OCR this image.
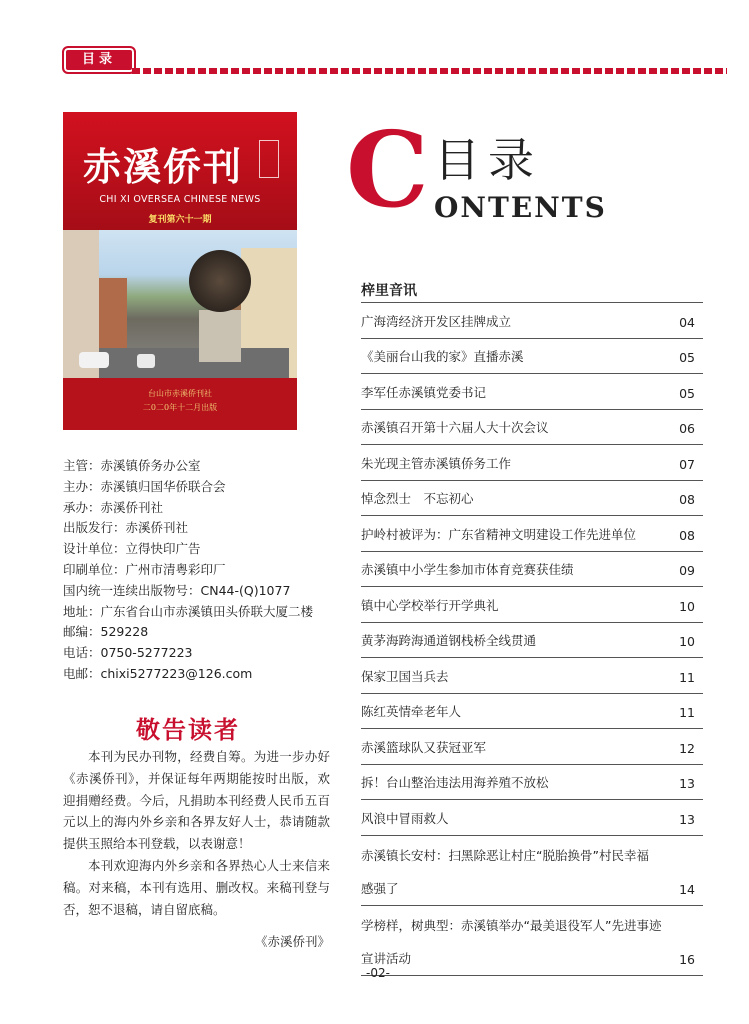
目录
赤溪侨刊
CHI XI OVERSEA CHINESE NEWS
复刊第六十一期
台山市赤溪侨刊社
二0二0年十二月出版
主管：赤溪镇侨务办公室
主办：赤溪镇归国华侨联合会
承办：赤溪侨刊社
出版发行：赤溪侨刊社
设计单位：立得快印广告
印刷单位：广州市清粤彩印厂
国内统一连续出版物号：CN44-(Q)1077
地址：广东省台山市赤溪镇田头侨联大厦二楼
邮编：529228
电话：0750-5277223
电邮：chixi5277223@126.com
敬告读者

本刊为民办刊物，经费自筹。为进一步办好《赤溪侨刊》，并保证每年两期能按时出版，欢迎捐赠经费。今后，凡捐助本刊经费人民币五百元以上的海内外乡亲和各界友好人士，恭请随款提供玉照给本刊登载，以表谢意！

本刊欢迎海内外乡亲和各界热心人士来信来稿。对来稿，本刊有选用、删改权。来稿刊登与否，恕不退稿，请自留底稿。

《赤溪侨刊》
C 目录
ONTENTS
梓里音讯
广海湾经济开发区挂牌成立	04
《美丽台山我的家》直播赤溪	05
李军任赤溪镇党委书记	05
赤溪镇召开第十六届人大十次会议	06
朱光现主管赤溪镇侨务工作	07
悼念烈士　不忘初心	08
护岭村被评为：广东省精神文明建设工作先进单位	08
赤溪镇中小学生参加市体育竞赛获佳绩	09
镇中心学校举行开学典礼	10
黄茅海跨海通道钢栈桥全线贯通	10
保家卫国当兵去	11
陈红英情牵老年人	11
赤溪篮球队又获冠亚军	12
拆！台山整治违法用海养殖不放松	13
风浪中冒雨救人	13
赤溪镇长安村：扫黑除恶让村庄“脱胎换骨”村民幸福
感强了	14
学榜样，树典型：赤溪镇举办“最美退役军人”先进事迹
宣讲活动	16
-02-
